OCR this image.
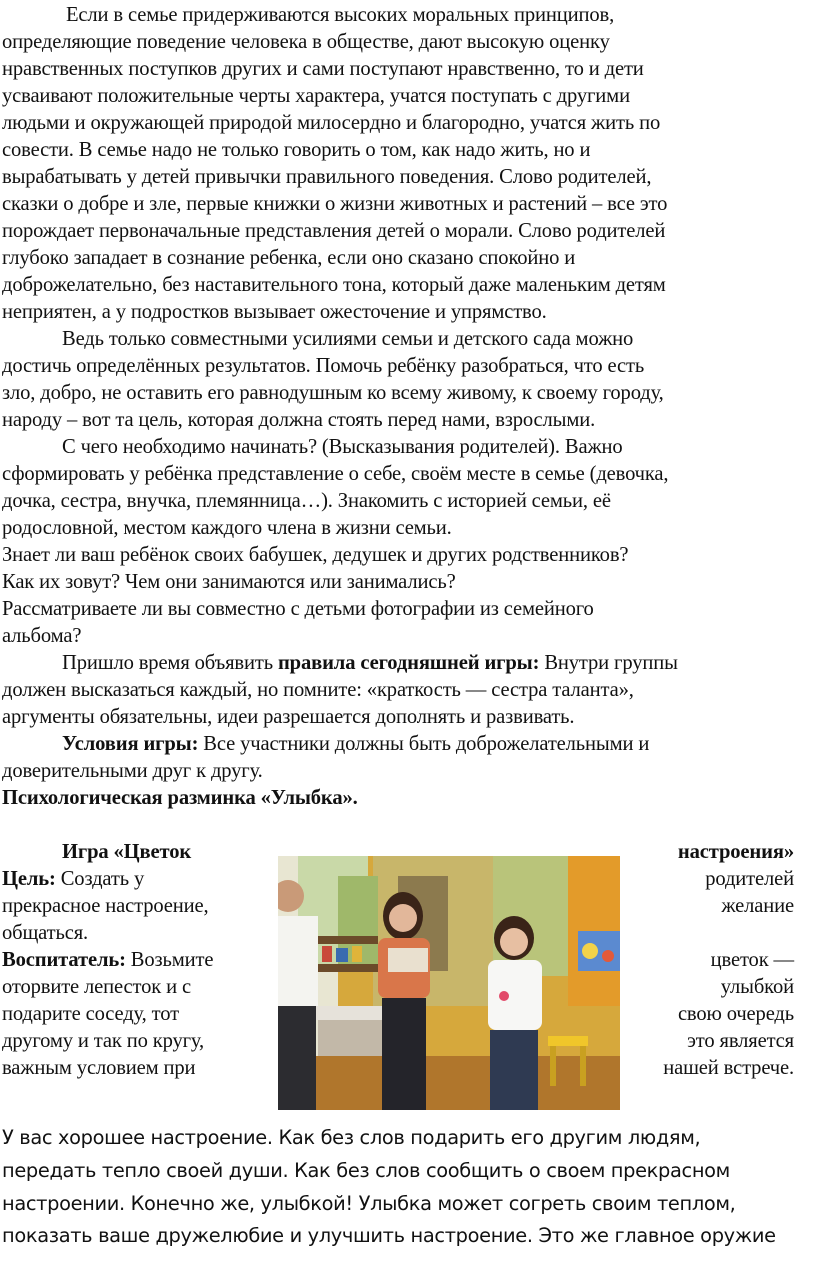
Если в семье придерживаются высоких моральных принципов,
определяющие поведение человека в обществе, дают высокую оценку
нравственных поступков других и сами поступают нравственно, то и дети
усваивают положительные черты характера, учатся поступать с другими
людьми и окружающей природой милосердно и благородно, учатся жить по
совести. В семье надо не только говорить о том, как надо жить, но и
вырабатывать у детей привычки правильного поведения. Слово родителей,
сказки о добре и зле, первые книжки о жизни животных и растений – все это
порождает первоначальные представления детей о морали. Слово родителей
глубоко западает в сознание ребенка, если оно сказано спокойно и
доброжелательно, без наставительного тона, который даже маленьким детям
неприятен, а у подростков вызывает ожесточение и упрямство.
Ведь только совместными усилиями семьи и детского сада можно
достичь определённых результатов. Помочь ребёнку разобраться, что есть
зло, добро, не оставить его равнодушным ко всему живому, к своему городу,
народу – вот та цель, которая должна стоять перед нами, взрослыми.
С чего необходимо начинать? (Высказывания родителей). Важно
сформировать у ребёнка представление о себе, своём месте в семье (девочка,
дочка, сестра, внучка, племянница…). Знакомить с историей семьи, её
родословной, местом каждого члена в жизни семьи.
Знает ли ваш ребёнок своих бабушек, дедушек и других родственников?
Как их зовут? Чем они занимаются или занимались?
Рассматриваете ли вы совместно с детьми фотографии из семейного
альбома?
Пришло время объявить правила сегодняшней игры: Внутри группы
должен высказаться каждый, но помните: «краткость — сестра таланта»,
аргументы обязательны, идеи разрешается дополнять и развивать.
Условия игры: Все участники должны быть доброжелательными и
доверительными друг к другу.
Психологическая разминка «Улыбка».
Игра «Цветок	настроения»
Цель: Создать у	родителей
прекрасное настроение,	желание
общаться.
Воспитатель: Возьмите	цветок —
оторвите лепесток и с	улыбкой
подарите соседу, тот	свою очередь
другому и так по кругу,	это является
важным условием при	нашей встрече.
У вас хорошее настроение. Как без слов подарить его другим людям,
передать тепло своей души. Как без слов сообщить о своем прекрасном
настроении. Конечно же, улыбкой! Улыбка может согреть своим теплом,
показать ваше дружелюбие и улучшить настроение. Это же главное оружие
